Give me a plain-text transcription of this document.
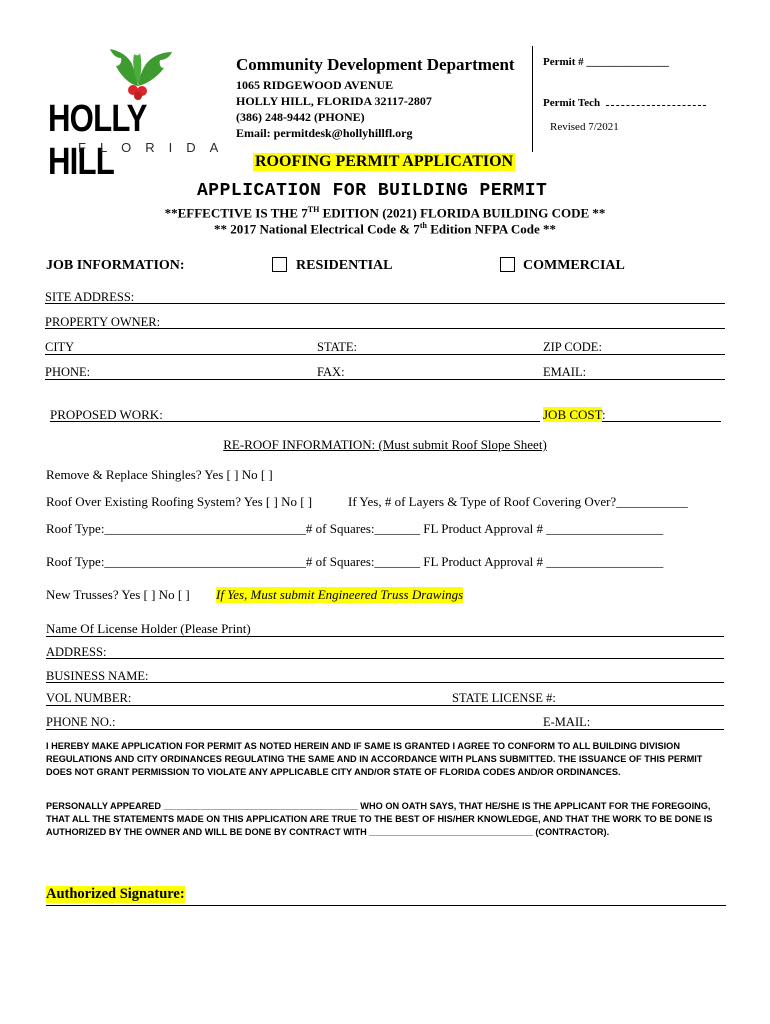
HOLLY HILL
FLORIDA
Community Development Department
1065 RIDGEWOOD AVENUE
HOLLY HILL, FLORIDA 32117-2807
(386) 248-9442 (PHONE)
Email: permitdesk@hollyhillfl.org
Permit # _______________
Permit Tech
Revised 7/2021
ROOFING PERMIT APPLICATION
APPLICATION FOR BUILDING PERMIT
**EFFECTIVE IS THE 7TH EDITION (2021) FLORIDA BUILDING CODE **
** 2017 National Electrical Code & 7th Edition NFPA Code **
JOB INFORMATION:	RESIDENTIAL	COMMERCIAL
SITE ADDRESS:
PROPERTY OWNER:
CITY	STATE:	ZIP CODE:
PHONE:	FAX:	EMAIL:
PROPOSED WORK:	JOB COST:
RE-ROOF INFORMATION: (Must submit Roof Slope Sheet)
Remove & Replace Shingles? Yes [ ] No [ ]
Roof Over Existing Roofing System? Yes [ ] No [ ]	If Yes, # of Layers & Type of Roof Covering Over?___________
Roof Type:_______________________________# of Squares:_______ FL Product Approval # __________________
Roof Type:_______________________________# of Squares:_______ FL Product Approval # __________________
New Trusses? Yes [ ] No [ ] If Yes, Must submit Engineered Truss Drawings
Name Of License Holder (Please Print)
ADDRESS:
BUSINESS NAME:
VOL NUMBER:	STATE LICENSE #:
PHONE NO.:	E-MAIL:
I HEREBY MAKE APPLICATION FOR PERMIT AS NOTED HEREIN AND IF SAME IS GRANTED I AGREE TO CONFORM TO ALL BUILDING DIVISION REGULATIONS AND CITY ORDINANCES REGULATING THE SAME AND IN ACCORDANCE WITH PLANS SUBMITTED. THE ISSUANCE OF THIS PERMIT DOES NOT GRANT PERMISSION TO VIOLATE ANY APPLICABLE CITY AND/OR STATE OF FLORIDA CODES AND/OR ORDINANCES.
PERSONALLY APPEARED ______________________________________ WHO ON OATH SAYS, THAT HE/SHE IS THE APPLICANT FOR THE FOREGOING, THAT ALL THE STATEMENTS MADE ON THIS APPLICATION ARE TRUE TO THE BEST OF HIS/HER KNOWLEDGE, AND THAT THE WORK TO BE DONE IS AUTHORIZED BY THE OWNER AND WILL BE DONE BY CONTRACT WITH ________________________________ (CONTRACTOR).
Authorized Signature:
